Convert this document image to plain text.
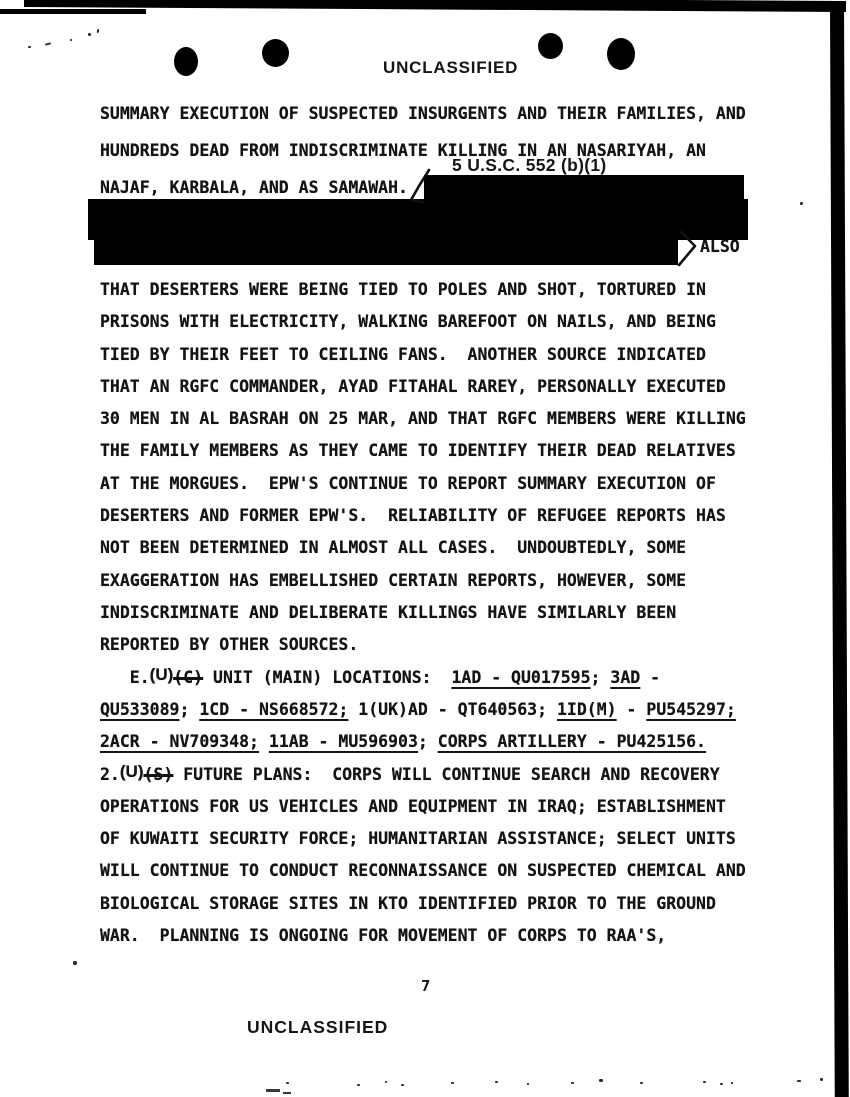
UNCLASSIFIED
5 U.S.C. 552 (b)(1)
ALSO
SUMMARY EXECUTION OF SUSPECTED INSURGENTS AND THEIR FAMILIES, AND
HUNDREDS DEAD FROM INDISCRIMINATE KILLING IN AN NASARIYAH, AN
NAJAF, KARBALA, AND AS SAMAWAH.
THAT DESERTERS WERE BEING TIED TO POLES AND SHOT, TORTURED IN
PRISONS WITH ELECTRICITY, WALKING BAREFOOT ON NAILS, AND BEING
TIED BY THEIR FEET TO CEILING FANS.  ANOTHER SOURCE INDICATED
THAT AN RGFC COMMANDER, AYAD FITAHAL RAREY, PERSONALLY EXECUTED
30 MEN IN AL BASRAH ON 25 MAR, AND THAT RGFC MEMBERS WERE KILLING
THE FAMILY MEMBERS AS THEY CAME TO IDENTIFY THEIR DEAD RELATIVES
AT THE MORGUES.  EPW'S CONTINUE TO REPORT SUMMARY EXECUTION OF
DESERTERS AND FORMER EPW'S.  RELIABILITY OF REFUGEE REPORTS HAS
NOT BEEN DETERMINED IN ALMOST ALL CASES.  UNDOUBTEDLY, SOME
EXAGGERATION HAS EMBELLISHED CERTAIN REPORTS, HOWEVER, SOME
INDISCRIMINATE AND DELIBERATE KILLINGS HAVE SIMILARLY BEEN
REPORTED BY OTHER SOURCES.
E.(U)(C) UNIT (MAIN) LOCATIONS:  1AD - QU017595; 3AD -
QU533089; 1CD - NS668572; 1(UK)AD - QT640563; 1ID(M) - PU545297;
2ACR - NV709348; 11AB - MU596903; CORPS ARTILLERY - PU425156.
2.(U)(S) FUTURE PLANS:  CORPS WILL CONTINUE SEARCH AND RECOVERY
OPERATIONS FOR US VEHICLES AND EQUIPMENT IN IRAQ; ESTABLISHMENT
OF KUWAITI SECURITY FORCE; HUMANITARIAN ASSISTANCE; SELECT UNITS
WILL CONTINUE TO CONDUCT RECONNAISSANCE ON SUSPECTED CHEMICAL AND
BIOLOGICAL STORAGE SITES IN KTO IDENTIFIED PRIOR TO THE GROUND
WAR.  PLANNING IS ONGOING FOR MOVEMENT OF CORPS TO RAA'S,
7
UNCLASSIFIED
